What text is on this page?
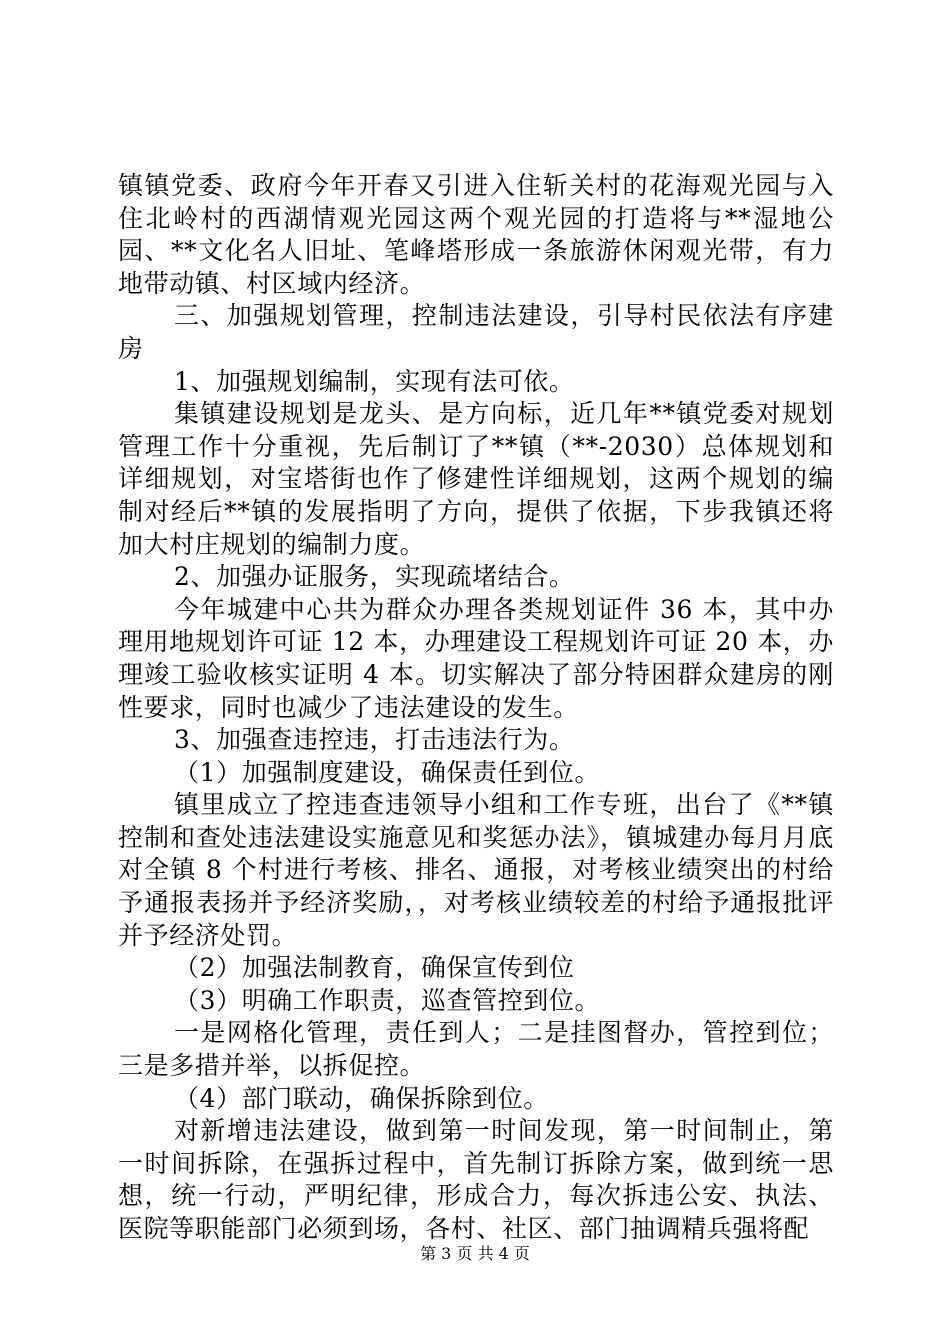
镇镇党委、政府今年开春又引进入住斩关村的花海观光园与入住北岭村的西湖情观光园这两个观光园的打造将与**湿地公园、**文化名人旧址、笔峰塔形成一条旅游休闲观光带，有力地带动镇、村区域内经济。

三、加强规划管理，控制违法建设，引导村民依法有序建房

1、加强规划编制，实现有法可依。

集镇建设规划是龙头、是方向标，近几年**镇党委对规划管理工作十分重视，先后制订了**镇（**-2030）总体规划和详细规划，对宝塔街也作了修建性详细规划，这两个规划的编制对经后**镇的发展指明了方向，提供了依据，下步我镇还将加大村庄规划的编制力度。

2、加强办证服务，实现疏堵结合。

今年城建中心共为群众办理各类规划证件 36 本，其中办理用地规划许可证 12 本，办理建设工程规划许可证 20 本，办理竣工验收核实证明 4 本。切实解决了部分特困群众建房的刚性要求，同时也减少了违法建设的发生。

3、加强查违控违，打击违法行为。

（1）加强制度建设，确保责任到位。

镇里成立了控违查违领导小组和工作专班，出台了《**镇控制和查处违法建设实施意见和奖惩办法》，镇城建办每月月底对全镇 8 个村进行考核、排名、通报，对考核业绩突出的村给予通报表扬并予经济奖励，，对考核业绩较差的村给予通报批评并予经济处罚。

（2）加强法制教育，确保宣传到位

（3）明确工作职责，巡查管控到位。

一是网格化管理，责任到人；二是挂图督办，管控到位；三是多措并举，以拆促控。

（4）部门联动，确保拆除到位。

对新增违法建设，做到第一时间发现，第一时间制止，第一时间拆除，在强拆过程中，首先制订拆除方案，做到统一思想，统一行动，严明纪律，形成合力，每次拆违公安、执法、医院等职能部门必须到场，各村、社区、部门抽调精兵强将配

第 3 页 共 4 页
